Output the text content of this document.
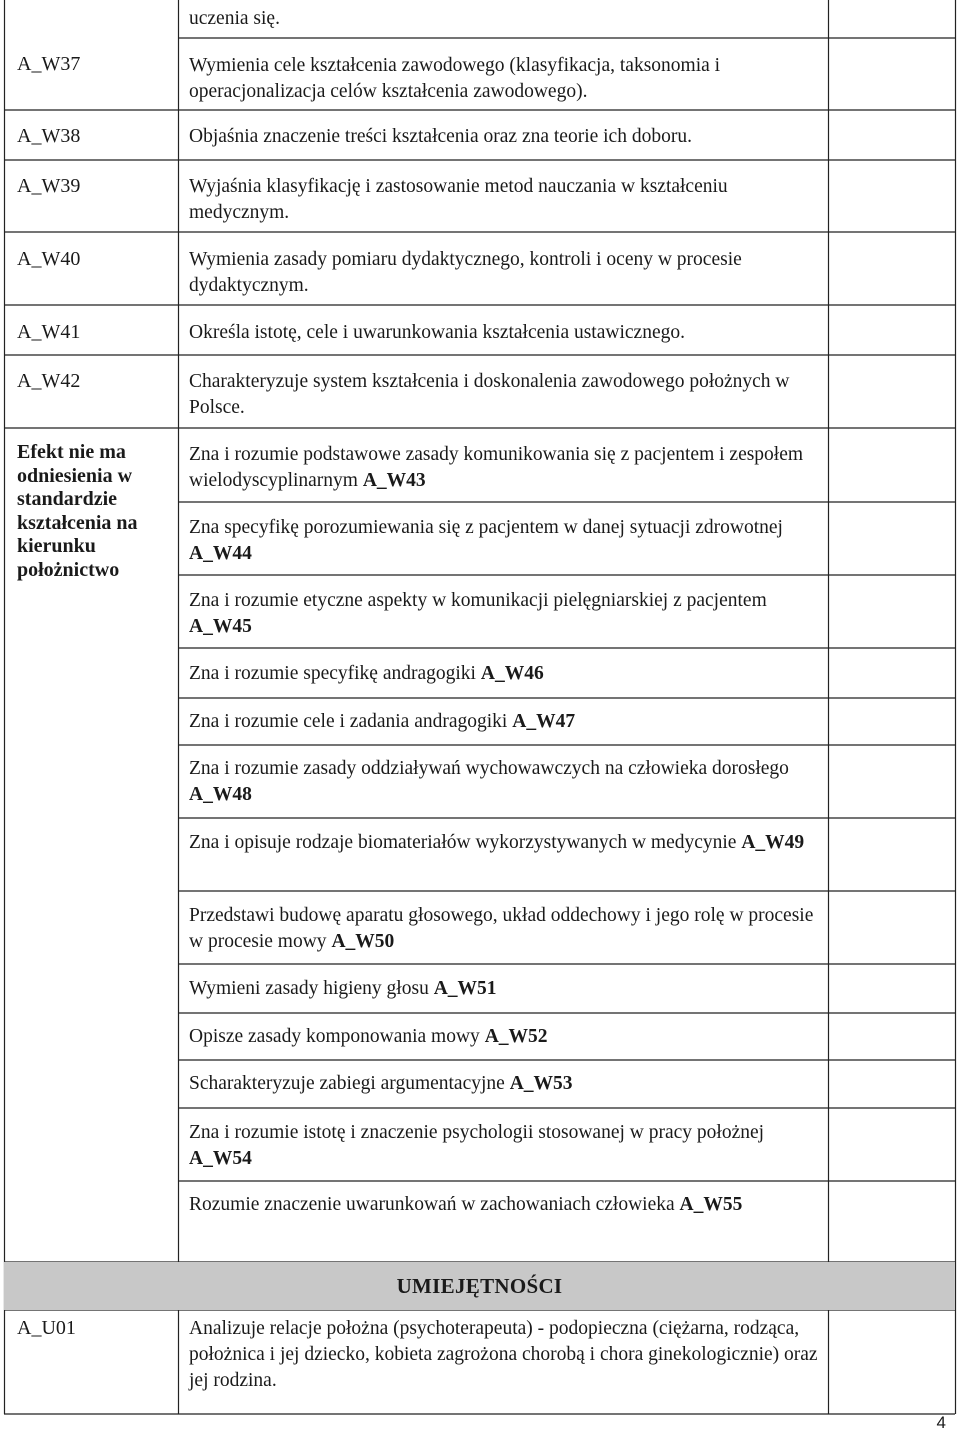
uczenia się.
A_W37
A_W38
A_W39
A_W40
A_W41
A_W42
Efekt nie ma odniesienia w standardzie kształcenia na kierunku położnictwo
Wymienia cele kształcenia zawodowego (klasyfikacja, taksonomia i operacjonalizacja celów kształcenia zawodowego).
Objaśnia znaczenie treści kształcenia oraz zna teorie ich doboru.
Wyjaśnia klasyfikację i zastosowanie metod nauczania w kształceniu medycznym.
Wymienia zasady pomiaru dydaktycznego, kontroli i oceny w procesie dydaktycznym.
Określa istotę, cele i uwarunkowania kształcenia ustawicznego.
Charakteryzuje system kształcenia i doskonalenia zawodowego położnych w Polsce.
Zna i rozumie podstawowe zasady komunikowania się z pacjentem i zespołem wielodyscyplinarnym A_W43
Zna specyfikę porozumiewania się z pacjentem w danej sytuacji zdrowotnej A_W44
Zna i rozumie etyczne aspekty w komunikacji pielęgniarskiej z pacjentem A_W45
Zna i rozumie specyfikę andragogiki A_W46
Zna i rozumie cele i zadania andragogiki A_W47
Zna i rozumie zasady oddziaływań wychowawczych na człowieka dorosłego A_W48
Zna i opisuje rodzaje biomateriałów wykorzystywanych w medycynie A_W49
Przedstawi budowę aparatu głosowego, układ oddechowy i jego rolę w procesie w procesie mowy A_W50
Wymieni zasady higieny głosu A_W51
Opisze zasady komponowania mowy A_W52
Scharakteryzuje zabiegi argumentacyjne A_W53
Zna i rozumie istotę i znaczenie psychologii stosowanej w pracy położnej A_W54
Rozumie znaczenie uwarunkowań w zachowaniach człowieka A_W55
UMIEJĘTNOŚCI
A_U01	Analizuje relacje położna (psychoterapeuta) - podopieczna (ciężarna, rodząca, położnica i jej dziecko, kobieta zagrożona chorobą i chora ginekologicznie) oraz jej rodzina.
4
